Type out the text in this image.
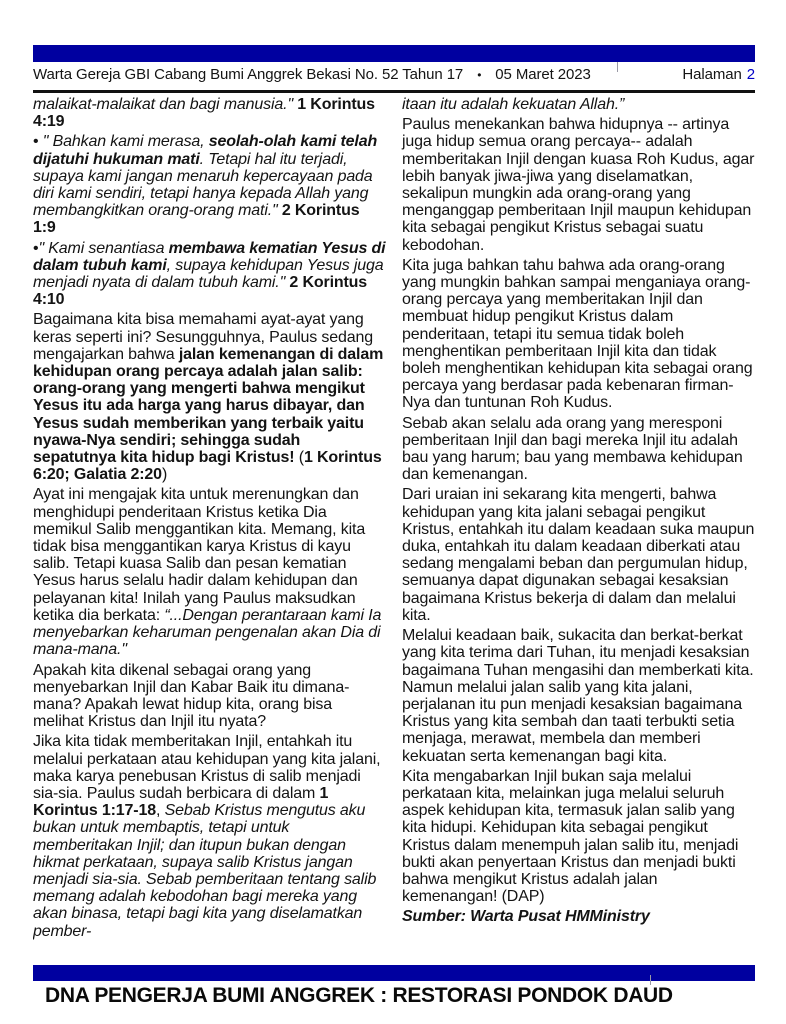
Warta Gereja GBI Cabang Bumi Anggrek Bekasi No. 52 Tahun 17 • 05 Maret 2023	Halaman 2

malaikat-malaikat dan bagi manusia." 1 Korintus 4:19

• " Bahkan kami merasa, seolah-olah kami telah dijatuhi hukuman mati. Tetapi hal itu terjadi, supaya kami jangan menaruh kepercayaan pada diri kami sendiri, tetapi hanya kepada Allah yang membangkitkan orang-orang mati." 2 Korintus 1:9

•" Kami senantiasa membawa kematian Yesus di dalam tubuh kami, supaya kehidupan Yesus juga menjadi nyata di dalam tubuh kami." 2 Korintus 4:10

Bagaimana kita bisa memahami ayat-ayat yang keras seperti ini? Sesungguhnya, Paulus sedang mengajarkan bahwa jalan kemenangan di dalam kehidupan orang percaya adalah jalan salib: orang-orang yang mengerti bahwa mengikut Yesus itu ada harga yang harus dibayar, dan Yesus sudah memberikan yang terbaik yaitu nyawa-Nya sendiri; sehingga sudah sepatutnya kita hidup bagi Kristus! (1 Korintus 6:20; Galatia 2:20)

Ayat ini mengajak kita untuk merenungkan dan menghidupi penderitaan Kristus ketika Dia memikul Salib menggantikan kita. Memang, kita tidak bisa menggantikan karya Kristus di kayu salib. Tetapi kuasa Salib dan pesan kematian Yesus harus selalu hadir dalam kehidupan dan pelayanan kita! Inilah yang Paulus maksudkan ketika dia berkata: “...Dengan perantaraan kami Ia menyebarkan keharuman pengenalan akan Dia di mana-mana."

Apakah kita dikenal sebagai orang yang menyebarkan Injil dan Kabar Baik itu dimana-mana? Apakah lewat hidup kita, orang bisa melihat Kristus dan Injil itu nyata?

Jika kita tidak memberitakan Injil, entahkah itu melalui perkataan atau kehidupan yang kita jalani, maka karya penebusan Kristus di salib menjadi sia-sia. Paulus sudah berbicara di dalam 1 Korintus 1:17-18, Sebab Kristus mengutus aku bukan untuk membaptis, tetapi untuk memberitakan Injil; dan itupun bukan dengan hikmat perkataan, supaya salib Kristus jangan menjadi sia-sia. Sebab pemberitaan tentang salib memang adalah kebodohan bagi mereka yang akan binasa, tetapi bagi kita yang diselamatkan pember-

itaan itu adalah kekuatan Allah.”

Paulus menekankan bahwa hidupnya -- artinya juga hidup semua orang percaya-- adalah memberitakan Injil dengan kuasa Roh Kudus, agar lebih banyak jiwa-jiwa yang diselamatkan, sekalipun mungkin ada orang-orang yang menganggap pemberitaan Injil maupun kehidupan kita sebagai pengikut Kristus sebagai suatu kebodohan.

Kita juga bahkan tahu bahwa ada orang-orang yang mungkin bahkan sampai menganiaya orang-orang percaya yang memberitakan Injil dan membuat hidup pengikut Kristus dalam penderitaan, tetapi itu semua tidak boleh menghentikan pemberitaan Injil kita dan tidak boleh menghentikan kehidupan kita sebagai orang percaya yang berdasar pada kebenaran firman-Nya dan tuntunan Roh Kudus.

Sebab akan selalu ada orang yang meresponi pemberitaan Injil dan bagi mereka Injil itu adalah bau yang harum; bau yang membawa kehidupan dan kemenangan.

Dari uraian ini sekarang kita mengerti, bahwa kehidupan yang kita jalani sebagai pengikut Kristus, entahkah itu dalam keadaan suka maupun duka, entahkah itu dalam keadaan diberkati atau sedang mengalami beban dan pergumulan hidup, semuanya dapat digunakan sebagai kesaksian bagaimana Kristus bekerja di dalam dan melalui kita.

Melalui keadaan baik, sukacita dan berkat-berkat yang kita terima dari Tuhan, itu menjadi kesaksian bagaimana Tuhan mengasihi dan memberkati kita. Namun melalui jalan salib yang kita jalani, perjalanan itu pun menjadi kesaksian bagaimana Kristus yang kita sembah dan taati terbukti setia menjaga, merawat, membela dan memberi kekuatan serta kemenangan bagi kita.

Kita mengabarkan Injil bukan saja melalui perkataan kita, melainkan juga melalui seluruh aspek kehidupan kita, termasuk jalan salib yang kita hidupi. Kehidupan kita sebagai pengikut Kristus dalam menempuh jalan salib itu, menjadi bukti akan penyertaan Kristus dan menjadi bukti bahwa mengikut Kristus adalah jalan kemenangan! (DAP)

Sumber: Warta Pusat HMMinistry

DNA PENGERJA BUMI ANGGREK : RESTORASI PONDOK DAUD
